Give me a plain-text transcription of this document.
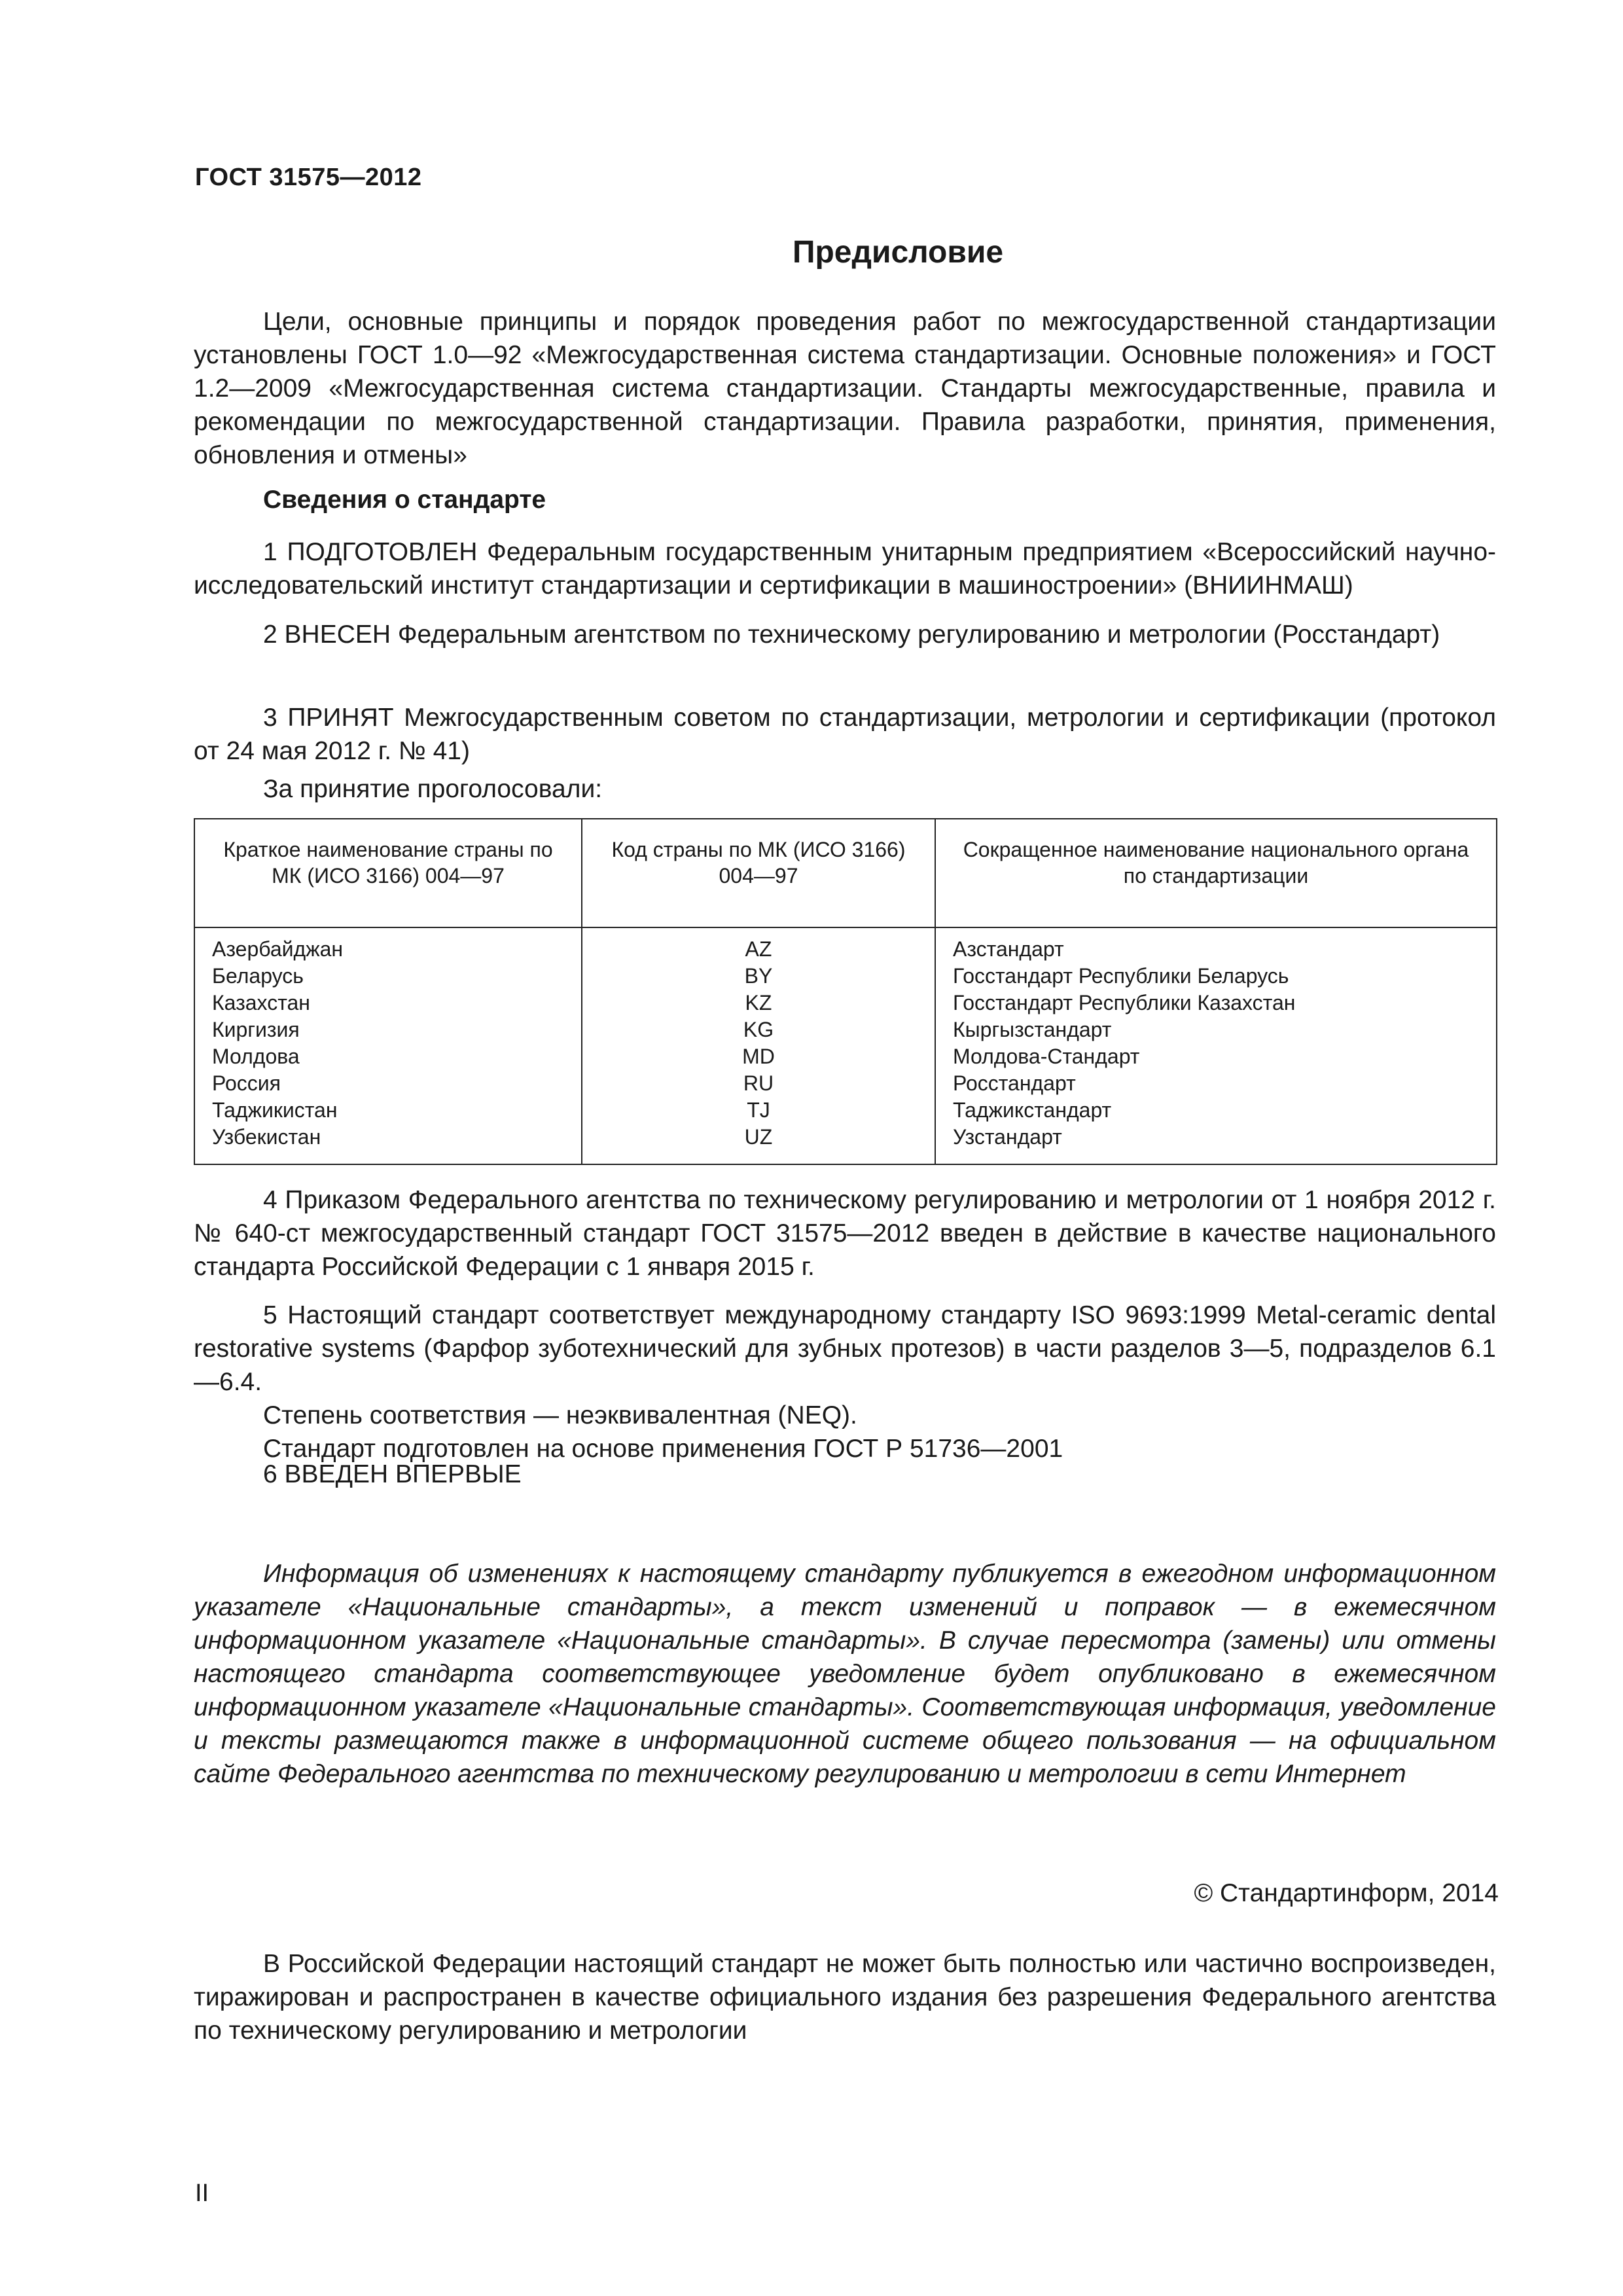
ГОСТ 31575—2012
Предисловие

Цели, основные принципы и порядок проведения работ по межгосударственной стандартизации установлены ГОСТ 1.0—92 «Межгосударственная система стандартизации. Основные положения» и ГОСТ 1.2—2009 «Межгосударственная система стандартизации. Стандарты межгосударственные, правила и рекомендации по межгосударственной стандартизации. Правила разработки, принятия, применения, обновления и отмены»

Сведения о стандарте

1 ПОДГОТОВЛЕН Федеральным государственным унитарным предприятием «Всероссийский научно-исследовательский институт стандартизации и сертификации в машиностроении» (ВНИИНМАШ)

2 ВНЕСЕН Федеральным агентством по техническому регулированию и метрологии (Росстандарт)

3 ПРИНЯТ Межгосударственным советом по стандартизации, метрологии и сертификации (протокол от 24 мая 2012 г. № 41)

За принятие проголосовали:

Краткое наименование страны по МК (ИСО 3166) 004—97	Код страны по МК (ИСО 3166) 004—97	Сокращенное наименование национального органа по стандартизации
Азербайджан	AZ	Азстандарт
Беларусь	BY	Госстандарт Республики Беларусь
Казахстан	KZ	Госстандарт Республики Казахстан
Киргизия	KG	Кыргызстандарт
Молдова	MD	Молдова-Стандарт
Россия	RU	Росстандарт
Таджикистан	TJ	Таджикстандарт
Узбекистан	UZ	Узстандарт

4 Приказом Федерального агентства по техническому регулированию и метрологии от 1 ноября 2012 г. № 640-ст межгосударственный стандарт ГОСТ 31575—2012 введен в действие в качестве национального стандарта Российской Федерации с 1 января 2015 г.

5 Настоящий стандарт соответствует международному стандарту ISO 9693:1999 Metal-ceramic dental restorative systems (Фарфор зуботехнический для зубных протезов) в части разделов 3—5, подразделов 6.1—6.4.

Степень соответствия — неэквивалентная (NEQ).

Стандарт подготовлен на основе применения ГОСТ Р 51736—2001

6 ВВЕДЕН ВПЕРВЫЕ

Информация об изменениях к настоящему стандарту публикуется в ежегодном информационном указателе «Национальные стандарты», а текст изменений и поправок — в ежемесячном информационном указателе «Национальные стандарты». В случае пересмотра (замены) или отмены настоящего стандарта соответствующее уведомление будет опубликовано в ежемесячном информационном указателе «Национальные стандарты». Соответствующая информация, уведомление и тексты размещаются также в информационной системе общего пользования — на официальном сайте Федерального агентства по техническому регулированию и метрологии в сети Интернет

© Стандартинформ, 2014

В Российской Федерации настоящий стандарт не может быть полностью или частично воспроизведен, тиражирован и распространен в качестве официального издания без разрешения Федерального агентства по техническому регулированию и метрологии

II
